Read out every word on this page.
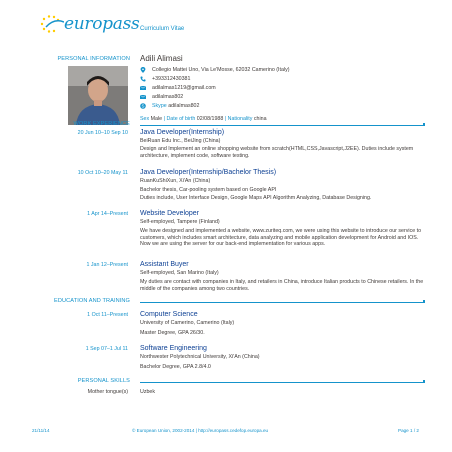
europass Curriculum Vitae
PERSONAL INFORMATION Adili Alimasi
Collegio Mattei Uno, Via Le'Mosse, 62032 Camerino (Italy)
+393312430381
adilalmas1219@gmail.com
adilalmas802
S Skype
adilalmas802
Sex Male | Date of birth 02/08/1988 | Nationality china
WORK EXPERIENCE
20 Jun 10–10 Sep 10 Java Developer(Internship)
BeiRuan Edu Inc., BeiJing (China)
Design and Implement an online shopping website from scratch(HTML,CSS,Javascript,J2EE). Duties include system architecture, implement code, software testing.
10 Oct 10–20 May 11 Java Developer(Internship/Bachelor Thesis)
RuanKuShiXun, Xi'An (China)
Bachelor thesis, Car-pooling system based on Google API
Duties include, User Interface Design, Google Maps API Algorithm Analyzing, Database Designing.
1 Apr 14–Present Website Developer
Self-employed, Tampere (Finland)
We have designed and implemented a website, www.zuriteq.com, we were using this website to introduce our service to customers, which includes smart architecture, data analyzing and mobile application development for Android and IOS. Now we are using the server for our back-end implementation for various apps.
1 Jan 12–Present Assistant Buyer
Self-employed, San Marino (Italy)
My duties are contact with companies in Italy, and retailers in China, introduce Italian products to Chinese retailers. In the middle of the companies among two countries.
EDUCATION AND TRAINING
1 Oct 11–Present Computer Science
University of Camerino, Camerino (Italy)
Master Degree, GPA 26/30.
1 Sep 07–1 Jul 11 Software Engineering
Northwester Polytechnical University, Xi'An (China)
Bachelor Degree, GPA 2.8/4.0
PERSONAL SKILLS
Mother tongue(s) Uzbek
21/11/14	© European Union, 2002-2014 | http://europass.cedefop.europa.eu	Page 1 / 2
